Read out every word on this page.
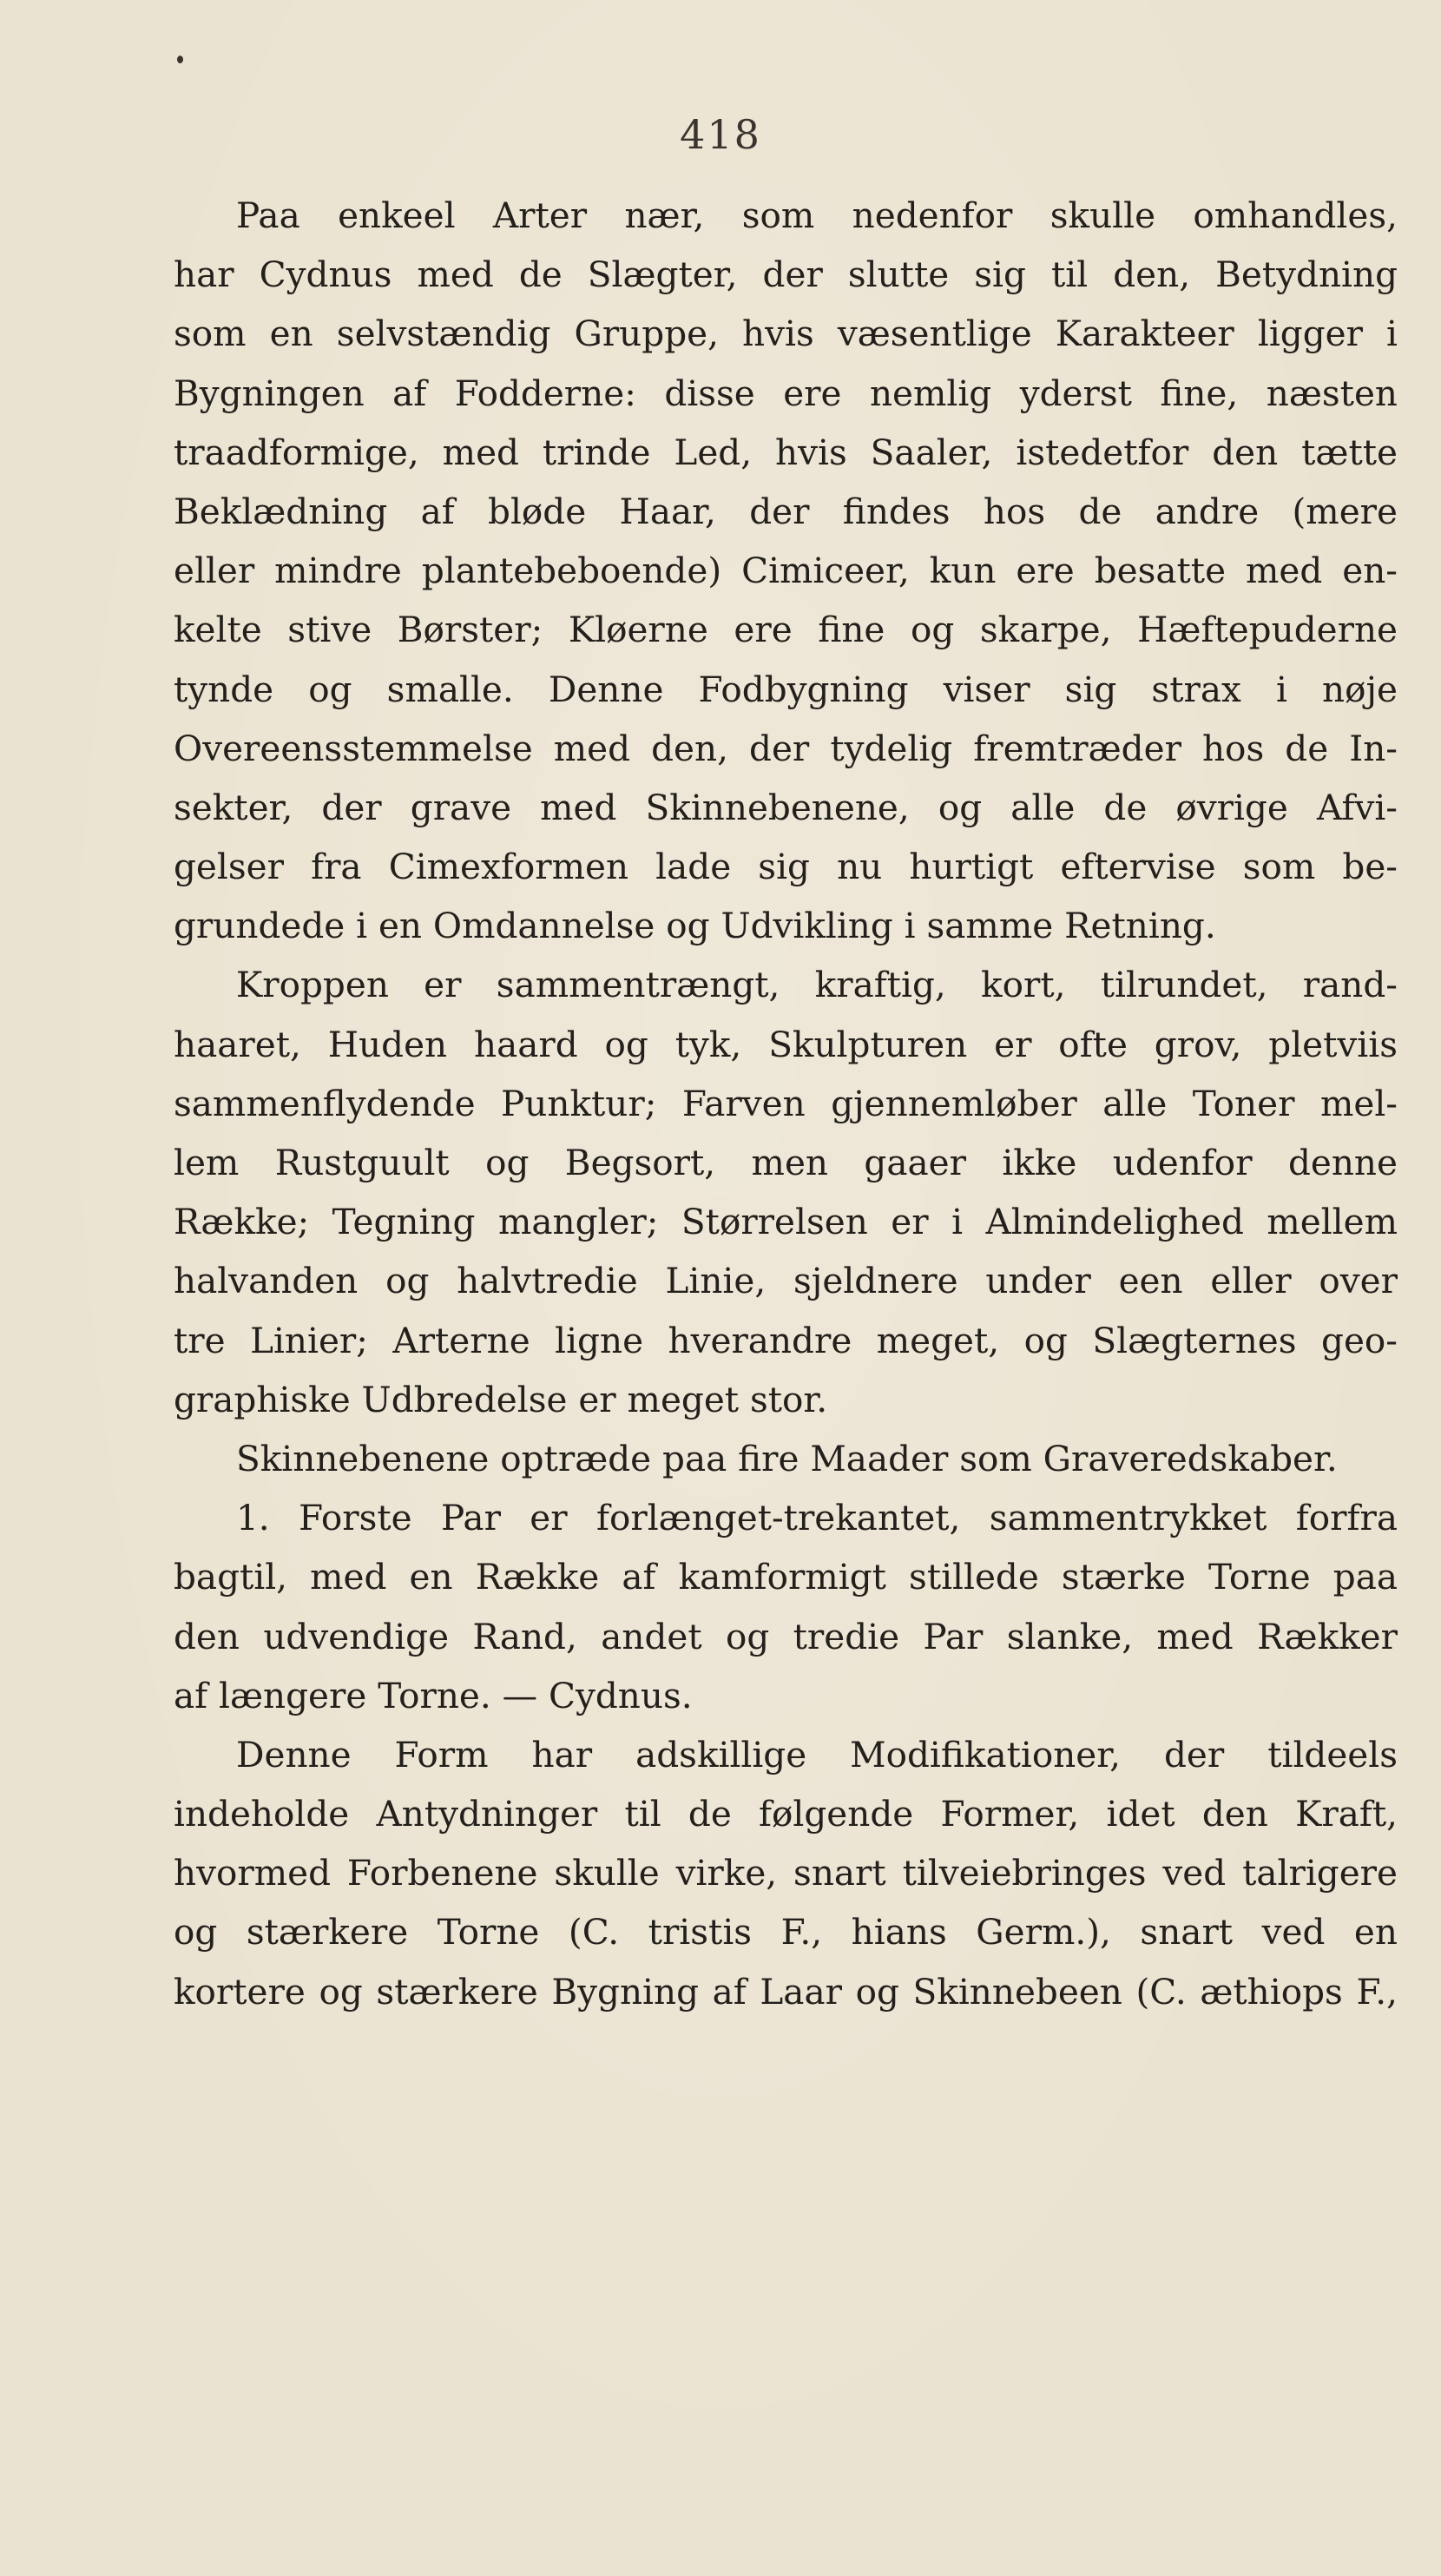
418
Paa enkeel Arter nær, som nedenfor skulle omhandles,
har Cydnus med de Slægter, der slutte sig til den, Betydning
som en selvstændig Gruppe, hvis væsentlige Karakteer ligger i
Bygningen af Fodderne: disse ere nemlig yderst fine, næsten
traadformige, med trinde Led, hvis Saaler, istedetfor den tætte
Beklædning af bløde Haar, der findes hos de andre (mere
eller mindre plantebeboende) Cimiceer, kun ere besatte med en-
kelte stive Børster; Kløerne ere fine og skarpe, Hæftepuderne
tynde og smalle. Denne Fodbygning viser sig strax i nøje
Overeensstemmelse med den, der tydelig fremtræder hos de In-
sekter, der grave med Skinnebenene, og alle de øvrige Afvi-
gelser fra Cimexformen lade sig nu hurtigt eftervise som be-
grundede i en Omdannelse og Udvikling i samme Retning.
Kroppen er sammentrængt, kraftig, kort, tilrundet, rand-
haaret, Huden haard og tyk, Skulpturen er ofte grov, pletviis
sammenflydende Punktur; Farven gjennemløber alle Toner mel-
lem Rustguult og Begsort, men gaaer ikke udenfor denne
Række; Tegning mangler; Størrelsen er i Almindelighed mellem
halvanden og halvtredie Linie, sjeldnere under een eller over
tre Linier; Arterne ligne hverandre meget, og Slægternes geo-
graphiske Udbredelse er meget stor.
Skinnebenene optræde paa fire Maader som Graveredskaber.
1. Forste Par er forlænget-trekantet, sammentrykket forfra
bagtil, med en Række af kamformigt stillede stærke Torne paa
den udvendige Rand, andet og tredie Par slanke, med Rækker
af længere Torne. — Cydnus.
Denne Form har adskillige Modifikationer, der tildeels
indeholde Antydninger til de følgende Former, idet den Kraft,
hvormed Forbenene skulle virke, snart tilveiebringes ved talrigere
og stærkere Torne (C. tristis F., hians Germ.), snart ved en
kortere og stærkere Bygning af Laar og Skinnebeen (C. æthiops F.,
